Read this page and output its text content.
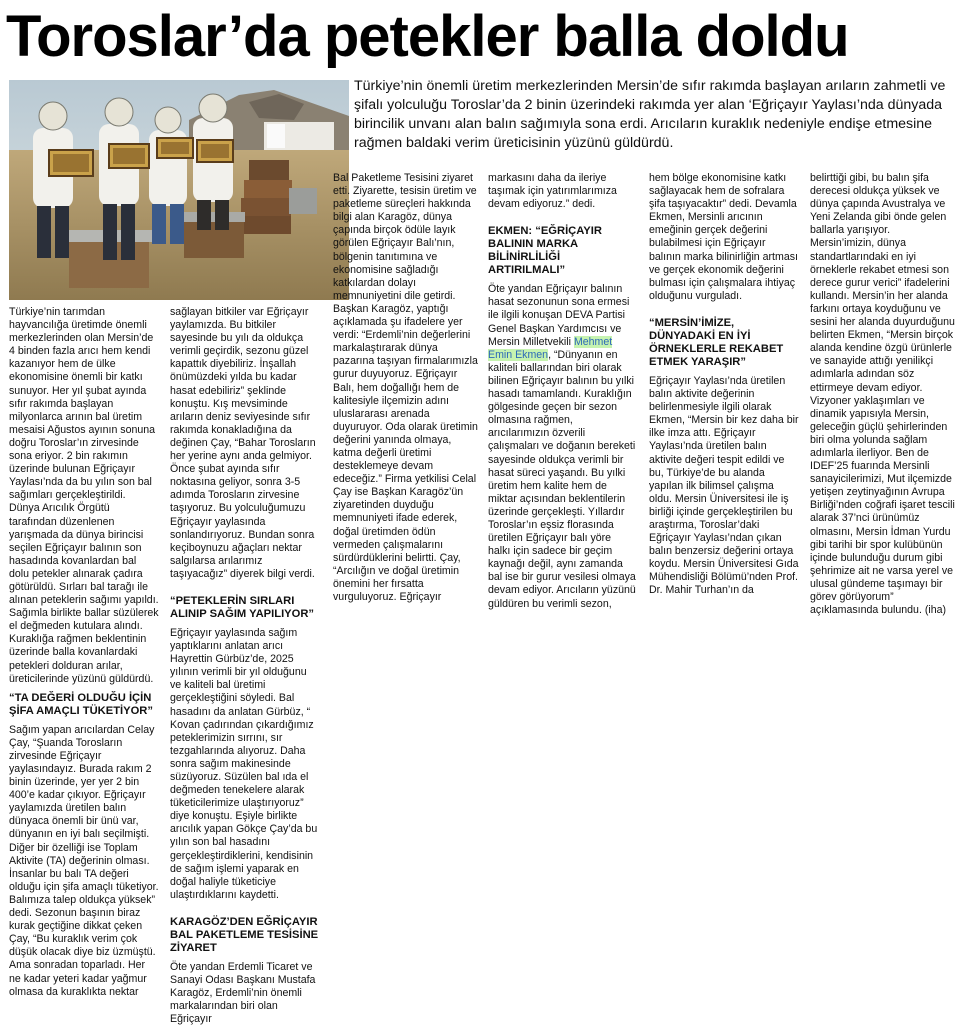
Toroslar’da petekler balla doldu

Türkiye’nin önemli üretim merkezlerinden Mersin’de sıfır rakımda başlayan arıların zahmetli ve şifalı yolculuğu Toroslar’da 2 binin üzerindeki rakımda yer alan ‘Eğriçayır Yaylası’nda dünyada birincilik unvanı alan balın sağımıyla sona erdi. Arıcıların kuraklık nedeniyle endişe etmesine rağmen baldaki verim üreticisinin yüzünü güldürdü.

Türkiye’nin tarımdan hayvancılığa üretimde önemli merkezlerinden olan Mersin’de 4 binden fazla arıcı hem kendi kazanıyor hem de ülke ekonomisine önemli bir katkı sunuyor. Her yıl şubat ayında sıfır rakımda başlayan milyonlarca arının bal üretim mesaisi Ağustos ayının sonuna doğru Toroslar’ın zirvesinde sona eriyor. 2 bin rakımın üzerinde bulunan Eğriçayır Yaylası’nda da bu yılın son bal sağımları gerçekleştirildi. Dünya Arıcılık Örgütü tarafından düzenlenen yarışmada da dünya birincisi seçilen Eğriçayır balının son hasadında kovanlardan bal dolu petekler alınarak çadıra götürüldü. Sırları bal tarağı ile alınan peteklerin sağımı yapıldı. Sağımla birlikte ballar süzülerek el değmeden kutulara alındı. Kuraklığa rağmen beklentinin üzerinde balla kovanlardaki petekleri dolduran arılar, üreticilerinde yüzünü güldürdü.

“TA DEĞERİ OLDUĞU İÇİN ŞİFA AMAÇLI TÜKETİYOR”

Sağım yapan arıcılardan Celay Çay, “Şuanda Torosların zirvesinde Eğriçayır yaylasındayız. Burada rakım 2 binin üzerinde, yer yer 2 bin 400’e kadar çıkıyor. Eğriçayır yaylamızda üretilen balın dünyaca önemli bir ünü var, dünyanın en iyi balı seçilmişti. Diğer bir özelliği ise Toplam Aktivite (TA) değerinin olması. İnsanlar bu balı TA değeri olduğu için şifa amaçlı tüketiyor. Balımıza talep oldukça yüksek” dedi. Sezonun başının biraz kurak geçtiğine dikkat çeken Çay, “Bu kuraklık verim çok düşük olacak diye biz üzmüştü. Ama sonradan toparladı. Her ne kadar yeteri kadar yağmur olmasa da kuraklıkta nektar

sağlayan bitkiler var Eğriçayır yaylamızda. Bu bitkiler sayesinde bu yılı da oldukça verimli geçirdik, sezonu güzel kapattık diyebiliriz. İnşallah önümüzdeki yılda bu kadar hasat edebiliriz” şeklinde konuştu. Kış mevsiminde arıların deniz seviyesinde sıfır rakımda konakladığına da değinen Çay, “Bahar Torosların her yerine aynı anda gelmiyor. Önce şubat ayında sıfır noktasına geliyor, sonra 3-5 adımda Torosların zirvesine taşıyoruz. Bu yolculuğumuzu Eğriçayır yaylasında sonlandırıyoruz. Bundan sonra keçiboynuzu ağaçları nektar salgılarsa arılarımız taşıyacağız” diyerek bilgi verdi.

“PETEKLERİN SIRLARI ALINIP SAĞIM YAPILIYOR”

Eğriçayır yaylasında sağım yaptıklarını anlatan arıcı Hayrettin Gürbüz’de, 2025 yılının verimli bir yıl olduğunu ve kaliteli bal üretimi gerçekleştiğini söyledi. Bal hasadını da anlatan Gürbüz, “ Kovan çadırından çıkardığımız peteklerimizin sırrını, sır tezgahlarında alıyoruz. Daha sonra sağım makinesinde süzüyoruz. Süzülen bal ıda el değmeden tenekelere alarak tüketicilerimize ulaştırıyoruz” diye konuştu. Eşiyle birlikte arıcılık yapan Gökçe Çay’da bu yılın son bal hasadını gerçekleştirdiklerini, kendisinin de sağım işlemi yaparak en doğal haliyle tüketiciye ulaştırdıklarını kaydetti.

KARAGÖZ’DEN EĞRİÇAYIR BAL PAKETLEME TESİSİNE ZİYARET

Öte yandan Erdemli Ticaret ve Sanayi Odası Başkanı Mustafa Karagöz, Erdemli’nin önemli markalarından biri olan Eğriçayır

Bal Paketleme Tesisini ziyaret etti. Ziyarette, tesisin üretim ve paketleme süreçleri hakkında bilgi alan Karagöz, dünya çapında birçok ödüle layık görülen Eğriçayır Balı’nın, bölgenin tanıtımına ve ekonomisine sağladığı katkılardan dolayı memnuniyetini dile getirdi. Başkan Karagöz, yaptığı açıklamada şu ifadelere yer verdi: “Erdemli’nin değerlerini markalaştırarak dünya pazarına taşıyan firmalarımızla gurur duyuyoruz. Eğriçayır Balı, hem doğallığı hem de kalitesiyle ilçemizin adını uluslararası arenada duyuruyor. Oda olarak üretimin değerini yanında olmaya, katma değerli üretimi desteklemeye devam edeceğiz.” Firma yetkilisi Celal Çay ise Başkan Karagöz’ün ziyaretinden duyduğu memnuniyeti ifade ederek, doğal üretimden ödün vermeden çalışmalarını sürdürdüklerini belirtti. Çay, “Arcılığın ve doğal üretimin önemini her fırsatta vurguluyoruz. Eğriçayır

markasını daha da ileriye taşımak için yatırımlarımıza devam ediyoruz.” dedi.

EKMEN: “EĞRİÇAYIR BALININ MARKA BİLİNİRLİLİĞİ ARTIRILMALI”

Öte yandan Eğriçayır balının hasat sezonunun sona ermesi ile ilgili konuşan DEVA Partisi Genel Başkan Yardımcısı ve Mersin Milletvekili Mehmet Emin Ekmen, “Dünyanın en kaliteli ballarından biri olarak bilinen Eğriçayır balının bu yılki hasadı tamamlandı. Kuraklığın gölgesinde geçen bir sezon olmasına rağmen, arıcılarımızın özverili çalışmaları ve doğanın bereketi sayesinde oldukça verimli bir hasat süreci yaşandı. Bu yılki üretim hem kalite hem de miktar açısından beklentilerin üzerinde gerçekleşti. Yıllardır Toroslar’ın eşsiz florasında üretilen Eğriçayır balı yöre halkı için sadece bir geçim kaynağı değil, aynı zamanda bal ise bir gurur vesilesi olmaya devam ediyor. Arıcıların yüzünü güldüren bu verimli sezon,

hem bölge ekonomisine katkı sağlayacak hem de sofralara şifa taşıyacaktır” dedi. Devamla Ekmen, Mersinli arıcının emeğinin gerçek değerini bulabilmesi için Eğriçayır balının marka bilinirliğin artması ve gerçek ekonomik değerini bulması için çalışmalara ihtiyaç olduğunu vurguladı.

“MERSİN’İMİZE, DÜNYADAKİ EN İYİ ÖRNEKLERLE REKABET ETMEK YARAŞIR”

Eğriçayır Yaylası’nda üretilen balın aktivite değerinin belirlenmesiyle ilgili olarak Ekmen, “Mersin bir kez daha bir ilke imza attı. Eğriçayır Yaylası’nda üretilen balın aktivite değeri tespit edildi ve bu, Türkiye’de bu alanda yapılan ilk bilimsel çalışma oldu. Mersin Üniversitesi ile iş birliği içinde gerçekleştirilen bu araştırma, Toroslar’daki Eğriçayır Yaylası’ndan çıkan balın benzersiz değerini ortaya koydu. Mersin Üniversitesi Gıda Mühendisliği Bölümü’nden Prof. Dr. Mahir Turhan’ın da

belirttiği gibi, bu balın şifa derecesi oldukça yüksek ve dünya çapında Avustralya ve Yeni Zelanda gibi önde gelen ballarla yarışıyor. Mersin’imizin, dünya standartlarındaki en iyi örneklerle rekabet etmesi son derece gurur verici” ifadelerini kullandı. Mersin’in her alanda farkını ortaya koyduğunu ve sesini her alanda duyurduğunu belirten Ekmen, “Mersin birçok alanda kendine özgü ürünlerle ve sanayide attığı yenilikçi adımlarla adından söz ettirmeye devam ediyor. Vizyoner yaklaşımları ve dinamik yapısıyla Mersin, geleceğin güçlü şehirlerinden biri olma yolunda sağlam adımlarla ilerliyor. Ben de IDEF’25 fuarında Mersinli sanayicilerimizi, Mut ilçemizde yetişen zeytinyağının Avrupa Birliği’nden coğrafi işaret tescili alarak 37’nci ürünümüz olmasını, Mersin İdman Yurdu gibi tarihi bir spor kulübünün içinde bulunduğu durum gibi şehrimize ait ne varsa yerel ve ulusal gündeme taşımayı bir görev görüyorum” açıklamasında bulundu. (iha)
